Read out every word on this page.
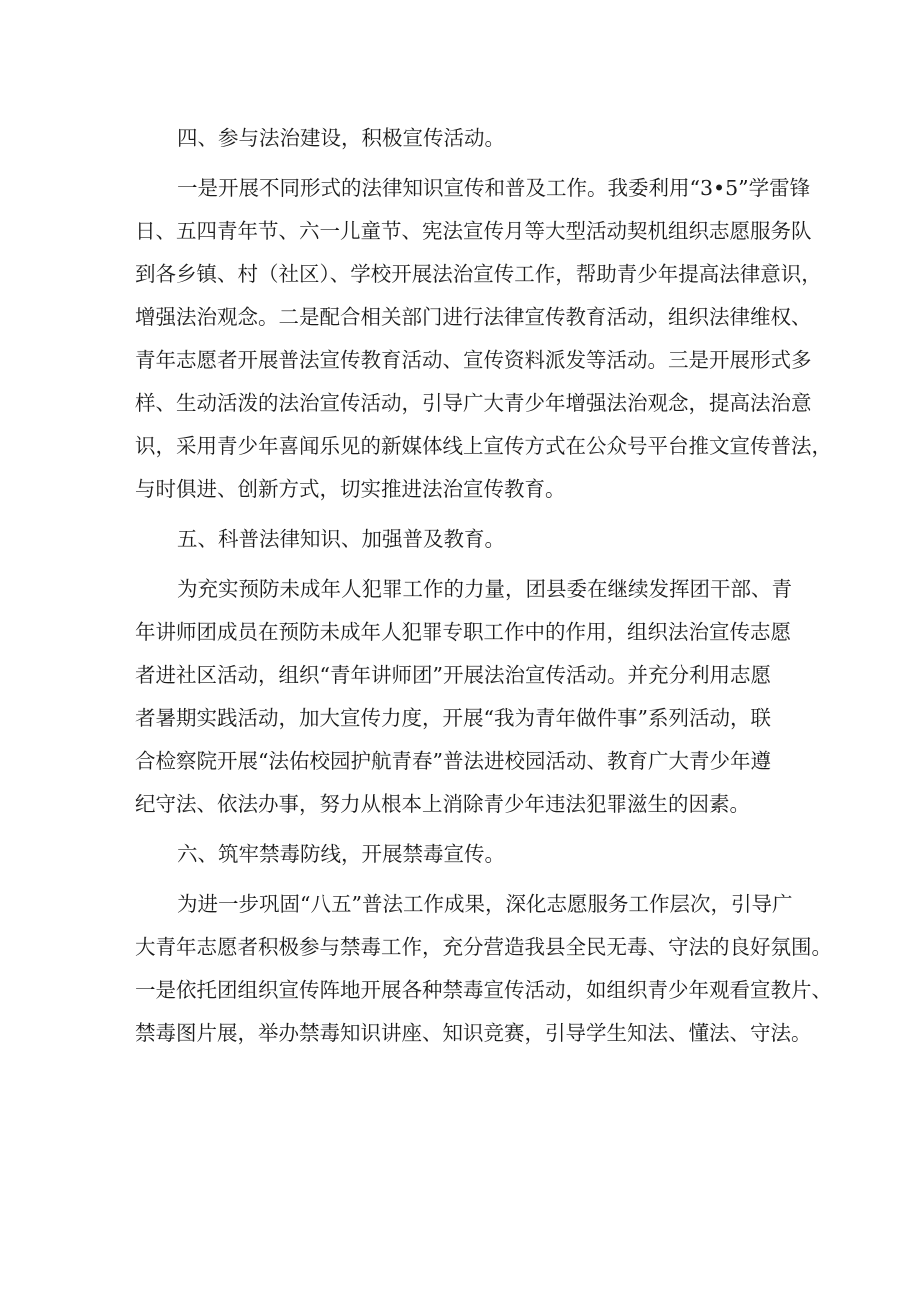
四、参与法治建设，积极宣传活动。

一是开展不同形式的法律知识宣传和普及工作。我委利用“3•5”学雷锋

日、五四青年节、六一儿童节、宪法宣传月等大型活动契机组织志愿服务队

到各乡镇、村（社区）、学校开展法治宣传工作，帮助青少年提高法律意识，

增强法治观念。二是配合相关部门进行法律宣传教育活动，组织法律维权、

青年志愿者开展普法宣传教育活动、宣传资料派发等活动。三是开展形式多

样、生动活泼的法治宣传活动，引导广大青少年增强法治观念，提高法治意

识，采用青少年喜闻乐见的新媒体线上宣传方式在公众号平台推文宣传普法，

与时俱进、创新方式，切实推进法治宣传教育。

五、科普法律知识、加强普及教育。

为充实预防未成年人犯罪工作的力量，团县委在继续发挥团干部、青

年讲师团成员在预防未成年人犯罪专职工作中的作用，组织法治宣传志愿

者进社区活动，组织“青年讲师团”开展法治宣传活动。并充分利用志愿

者暑期实践活动，加大宣传力度，开展“我为青年做件事”系列活动，联

合检察院开展“法佑校园护航青春”普法进校园活动、教育广大青少年遵

纪守法、依法办事，努力从根本上消除青少年违法犯罪滋生的因素。

六、筑牢禁毒防线，开展禁毒宣传。

为进一步巩固“八五”普法工作成果，深化志愿服务工作层次，引导广

大青年志愿者积极参与禁毒工作，充分营造我县全民无毒、守法的良好氛围。

一是依托团组织宣传阵地开展各种禁毒宣传活动，如组织青少年观看宣教片、

禁毒图片展，举办禁毒知识讲座、知识竞赛，引导学生知法、懂法、守法。
